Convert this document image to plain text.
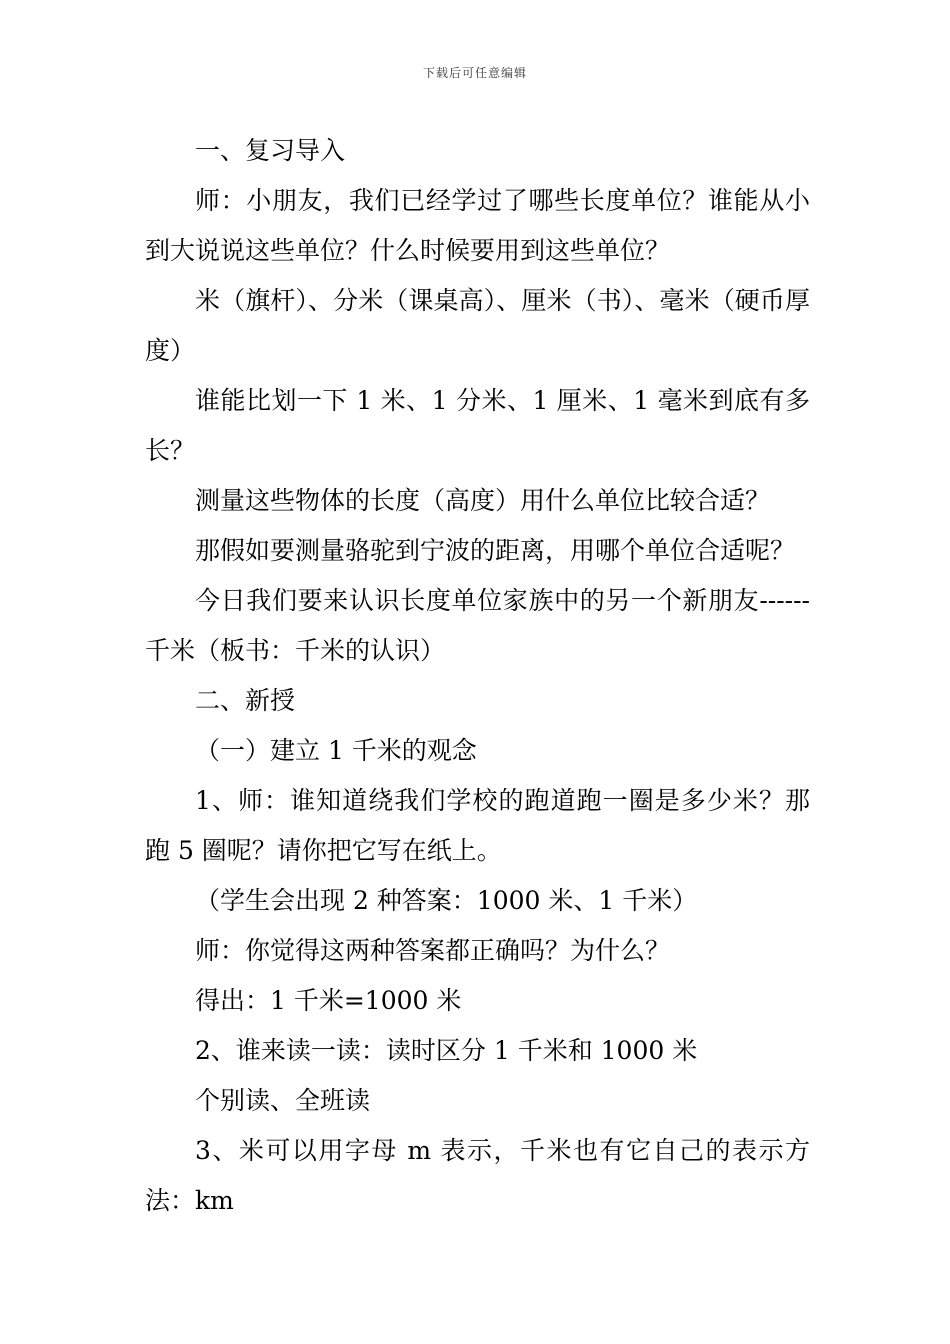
下载后可任意编辑

一、复习导入

师：小朋友，我们已经学过了哪些长度单位？谁能从小到大说说这些单位？什么时候要用到这些单位？

米（旗杆）、分米（课桌高）、厘米（书）、毫米（硬币厚度）

谁能比划一下 1 米、1 分米、1 厘米、1 毫米到底有多长？

测量这些物体的长度（高度）用什么单位比较合适？

那假如要测量骆驼到宁波的距离，用哪个单位合适呢？

今日我们要来认识长度单位家族中的另一个新朋友------千米（板书：千米的认识）

二、新授

（一）建立 1 千米的观念

1、师：谁知道绕我们学校的跑道跑一圈是多少米？那跑 5 圈呢？请你把它写在纸上。

（学生会出现 2 种答案：1000 米、1 千米）

师：你觉得这两种答案都正确吗？为什么？

得出：1 千米=1000 米

2、谁来读一读：读时区分 1 千米和 1000 米

个别读、全班读

3、米可以用字母 m 表示，千米也有它自己的表示方法：km
